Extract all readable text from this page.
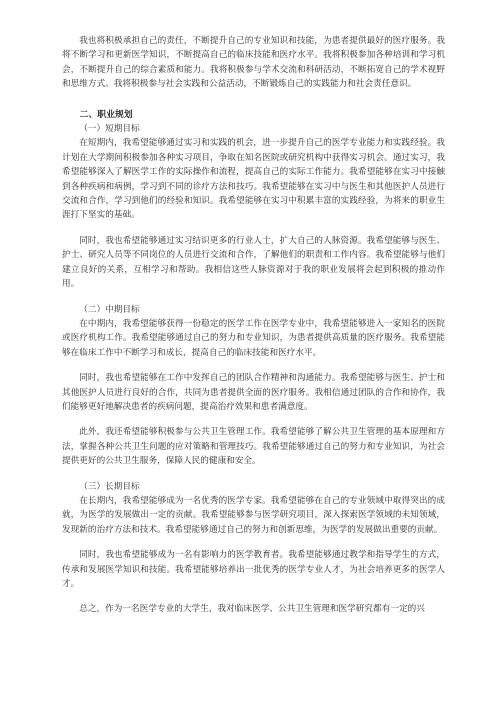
我也将积极承担自己的责任，不断提升自己的专业知识和技能，为患者提供最好的医疗服务。我将不断学习和更新医学知识，不断提高自己的临床技能和医疗水平。我将积极参加各种培训和学习机会，不断提升自己的综合素质和能力。我将积极参与学术交流和科研活动，不断拓宽自己的学术视野和思维方式。我将积极参与社会实践和公益活动，不断锻炼自己的实践能力和社会责任意识。

二、职业规划

（一）短期目标

在短期内，我希望能够通过实习和实践的机会，进一步提升自己的医学专业能力和实践经验。我计划在大学期间积极参加各种实习项目，争取在知名医院或研究机构中获得实习机会。通过实习，我希望能够深入了解医学工作的实际操作和流程，提高自己的实际工作能力。我希望能够在实习中接触到各种疾病和病例，学习到不同的诊疗方法和技巧。我希望能够在实习中与医生和其他医护人员进行交流和合作，学习到他们的经验和知识。我希望能够在实习中积累丰富的实践经验，为将来的职业生涯打下坚实的基础。

同时，我也希望能够通过实习结识更多的行业人士，扩大自己的人脉资源。我希望能够与医生、护士、研究人员等不同岗位的人员进行交流和合作，了解他们的职责和工作内容。我希望能够与他们建立良好的关系，互相学习和帮助。我相信这些人脉资源对于我的职业发展将会起到积极的推动作用。

（二）中期目标

在中期内，我希望能够获得一份稳定的医学工作在医学专业中，我希望能够进入一家知名的医院或医疗机构工作。我希望能够通过自己的努力和专业知识，为患者提供高质量的医疗服务。我希望能够在临床工作中不断学习和成长，提高自己的临床技能和医疗水平。

同时，我也希望能够在工作中发挥自己的团队合作精神和沟通能力。我希望能够与医生、护士和其他医护人员进行良好的合作，共同为患者提供全面的医疗服务。我相信通过团队的合作和协作，我们能够更好地解决患者的疾病问题，提高治疗效果和患者满意度。

此外，我还希望能够积极参与公共卫生管理工作。我希望能够了解公共卫生管理的基本原理和方法，掌握各种公共卫生问题的应对策略和管理技巧。我希望能够通过自己的努力和专业知识，为社会提供更好的公共卫生服务，保障人民的健康和安全。

（三）长期目标

在长期内，我希望能够成为一名优秀的医学专家。我希望能够在自己的专业领域中取得突出的成就，为医学的发展做出一定的贡献。我希望能够参与医学研究项目，深入探索医学领域的未知领域，发现新的治疗方法和技术。我希望能够通过自己的努力和创新思维，为医学的发展做出重要的贡献。

同时，我也希望能够成为一名有影响力的医学教育者。我希望能够通过教学和指导学生的方式，传承和发展医学知识和技能。我希望能够培养出一批优秀的医学专业人才，为社会培养更多的医学人才。

总之，作为一名医学专业的大学生，我对临床医学、公共卫生管理和医学研究都有一定的兴
